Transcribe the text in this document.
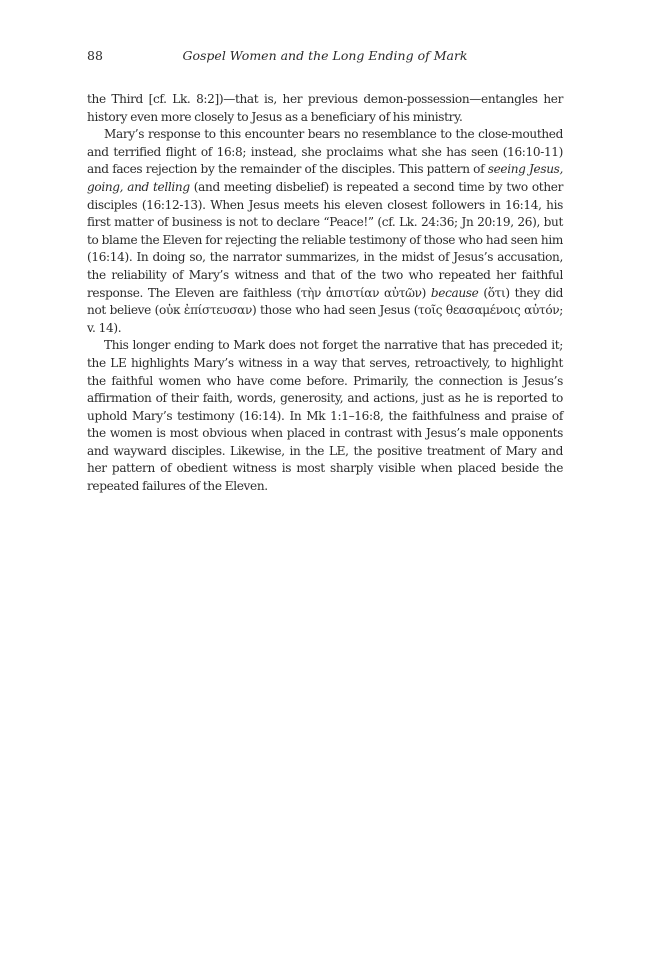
88	Gospel Women and the Long Ending of Mark

the Third [cf. Lk. 8:2])—that is, her previous demon-possession—entangles her history even more closely to Jesus as a beneficiary of his ministry.

Mary’s response to this encounter bears no resemblance to the close-mouthed and terrified flight of 16:8; instead, she proclaims what she has seen (16:10-11) and faces rejection by the remainder of the disciples. This pattern of seeing Jesus, going, and telling (and meeting disbelief) is repeated a second time by two other disciples (16:12-13). When Jesus meets his eleven closest followers in 16:14, his first matter of business is not to declare “Peace!” (cf. Lk. 24:36; Jn 20:19, 26), but to blame the Eleven for rejecting the reliable testimony of those who had seen him (16:14). In doing so, the narrator summarizes, in the midst of Jesus’s accusation, the reliability of Mary’s witness and that of the two who repeated her faithful response. The Eleven are faithless (τὴν ἀπιστίαν αὐτῶν) because (ὅτι) they did not believe (οὐκ ἐπίστευσαν) those who had seen Jesus (τοῖς θεασαμένοις αὐτόν; v. 14).

This longer ending to Mark does not forget the narrative that has preceded it; the LE highlights Mary’s witness in a way that serves, retroactively, to highlight the faithful women who have come before. Primarily, the connection is Jesus’s affirmation of their faith, words, generosity, and actions, just as he is reported to uphold Mary’s testimony (16:14). In Mk 1:1–16:8, the faithfulness and praise of the women is most obvious when placed in contrast with Jesus’s male opponents and wayward disciples. Likewise, in the LE, the positive treatment of Mary and her pattern of obedient witness is most sharply visible when placed beside the repeated failures of the Eleven.
